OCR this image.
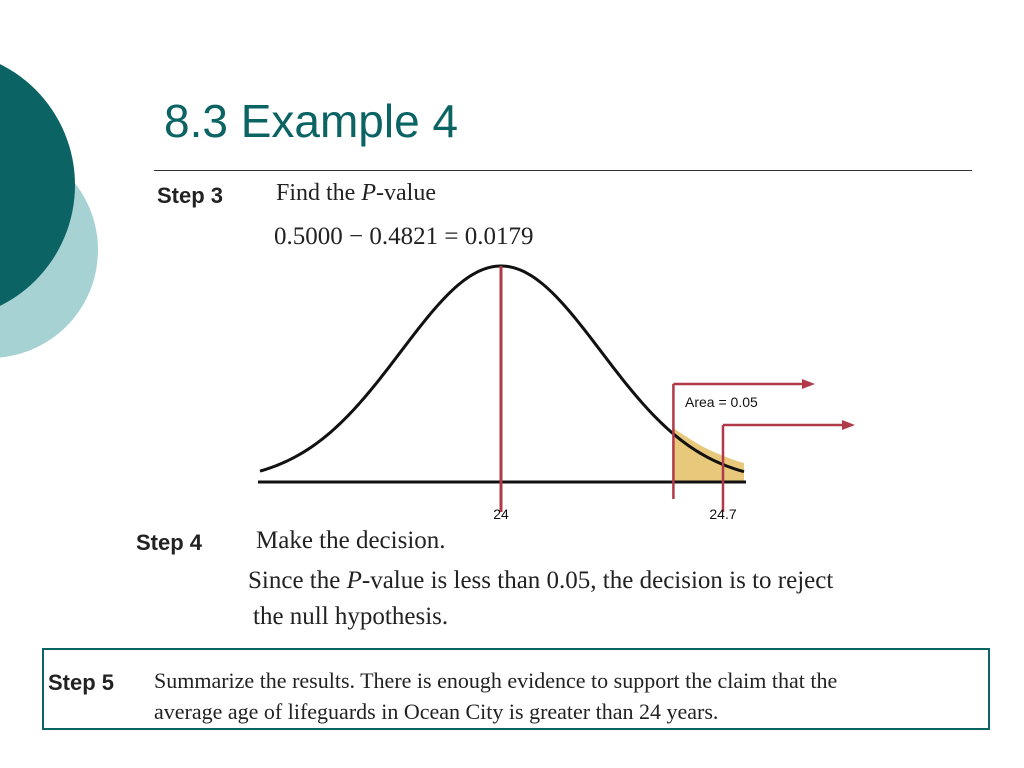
8.3 Example 4
Step 3 Find the P-value
0.5000 − 0.4821 = 0.0179
Area = 0.05
24	24.7
Step 4 Make the decision.
Since the P-value is less than 0.05, the decision is to reject
the null hypothesis.
Step 5 Summarize the results. There is enough evidence to support the claim that the
average age of lifeguards in Ocean City is greater than 24 years.
